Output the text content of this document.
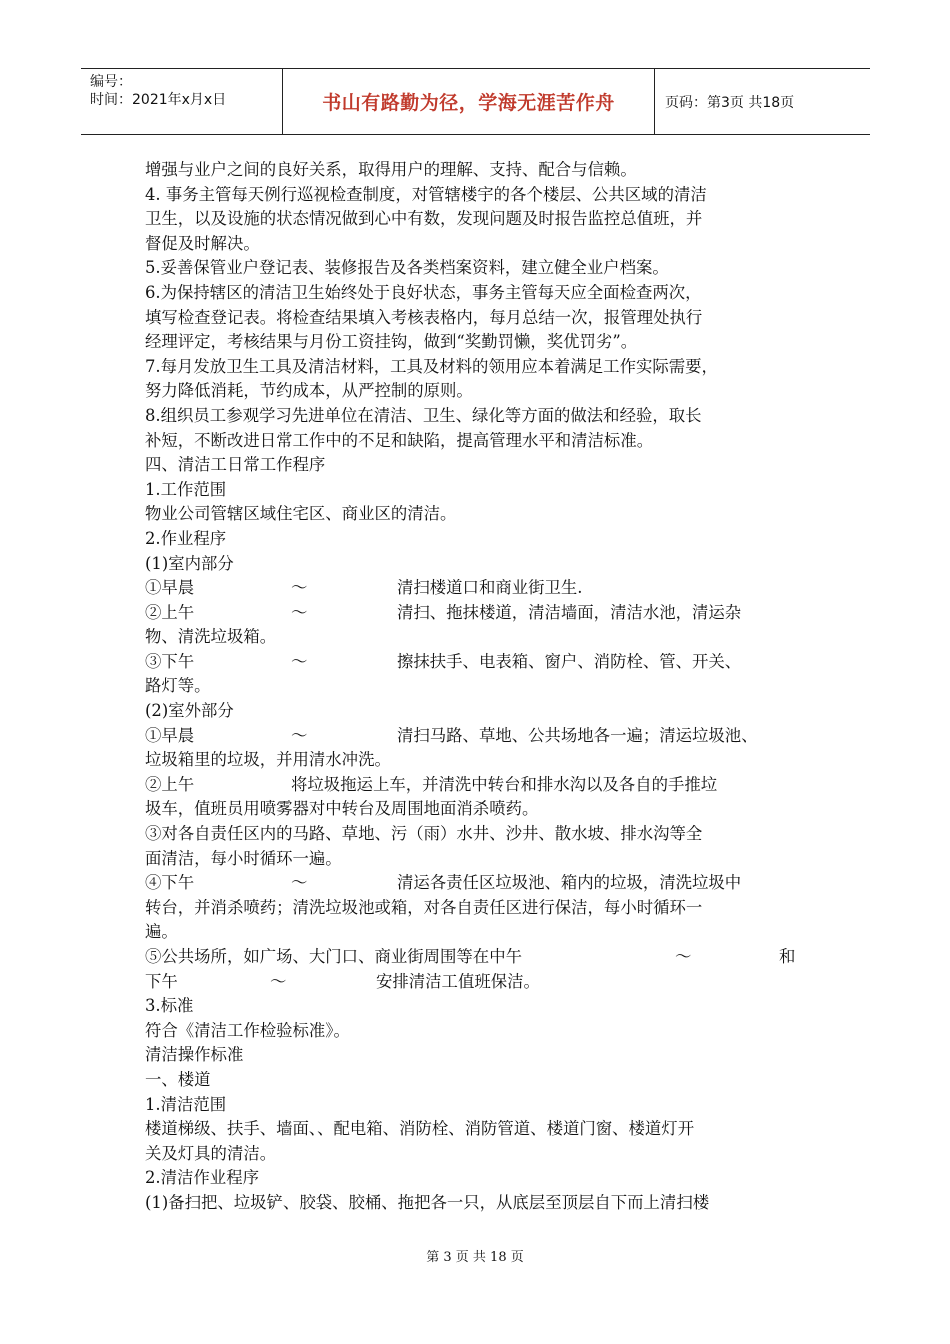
编号：
时间：2021年x月x日	书山有路勤为径，学海无涯苦作舟	页码：第3页 共18页

增强与业户之间的良好关系，取得用户的理解、支持、配合与信赖。

4. 事务主管每天例行巡视检查制度，对管辖楼宇的各个楼层、公共区域的清洁

卫生，以及设施的状态情况做到心中有数，发现问题及时报告监控总值班，并

督促及时解决。

5.妥善保管业户登记表、装修报告及各类档案资料，建立健全业户档案。

6.为保持辖区的清洁卫生始终处于良好状态，事务主管每天应全面检查两次，

填写检查登记表。将检查结果填入考核表格内，每月总结一次，报管理处执行

经理评定，考核结果与月份工资挂钩，做到“奖勤罚懒，奖优罚劣”。

7.每月发放卫生工具及清洁材料，工具及材料的领用应本着满足工作实际需要，

努力降低消耗，节约成本，从严控制的原则。

8.组织员工参观学习先进单位在清洁、卫生、绿化等方面的做法和经验，取长

补短，不断改进日常工作中的不足和缺陷，提高管理水平和清洁标准。

四、清洁工日常工作程序

1.工作范围

物业公司管辖区域住宅区、商业区的清洁。

2.作业程序

(1)室内部分

①早晨	～	清扫楼道口和商业街卫生.
②上午	～	清扫、拖抹楼道，清洁墙面，清洁水池，清运杂

物、清洗垃圾箱。

③下午	～	擦抹扶手、电表箱、窗户、消防栓、管、开关、

路灯等。

(2)室外部分

①早晨	～	清扫马路、草地、公共场地各一遍；清运垃圾池、

垃圾箱里的垃圾，并用清水冲洗。

②上午	将垃圾拖运上车，并清洗中转台和排水沟以及各自的手推垃

圾车，值班员用喷雾器对中转台及周围地面消杀喷药。

③对各自责任区内的马路、草地、污（雨）水井、沙井、散水坡、排水沟等全

面清洁，每小时循环一遍。

④下午	～	清运各责任区垃圾池、箱内的垃圾，清洗垃圾中

转台，并消杀喷药；清洗垃圾池或箱，对各自责任区进行保洁，每小时循环一

遍。

⑤公共场所，如广场、大门口、商业街周围等在中午	～	和
下午	～	安排清洁工值班保洁。

3.标准

符合《清洁工作检验标准》。

清洁操作标准

一、楼道

1.清洁范围

楼道梯级、扶手、墙面、、配电箱、消防栓、消防管道、楼道门窗、楼道灯开

关及灯具的清洁。

2.清洁作业程序

(1)备扫把、垃圾铲、胶袋、胶桶、拖把各一只，从底层至顶层自下而上清扫楼

第 3 页 共 18 页
